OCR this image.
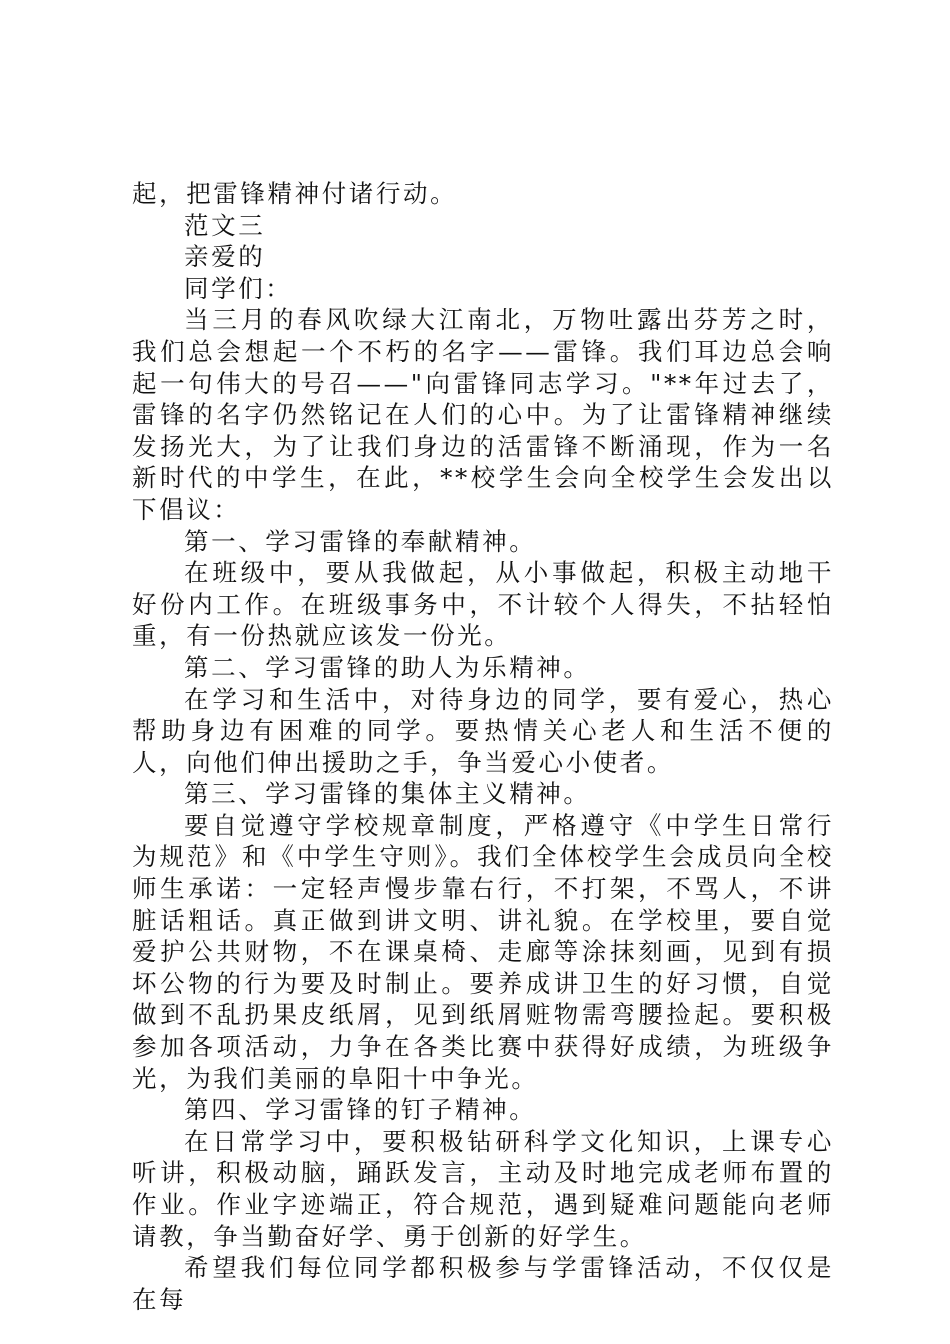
起，把雷锋精神付诸行动。

范文三

亲爱的

同学们：

当三月的春风吹绿大江南北，万物吐露出芬芳之时，我们总会想起一个不朽的名字——雷锋。我们耳边总会响起一句伟大的号召——"向雷锋同志学习。"**年过去了，雷锋的名字仍然铭记在人们的心中。为了让雷锋精神继续发扬光大，为了让我们身边的活雷锋不断涌现，作为一名新时代的中学生，在此，**校学生会向全校学生会发出以下倡议：

第一、学习雷锋的奉献精神。

在班级中，要从我做起，从小事做起，积极主动地干好份内工作。在班级事务中，不计较个人得失，不拈轻怕重，有一份热就应该发一份光。

第二、学习雷锋的助人为乐精神。

在学习和生活中，对待身边的同学，要有爱心，热心帮助身边有困难的同学。要热情关心老人和生活不便的人，向他们伸出援助之手，争当爱心小使者。

第三、学习雷锋的集体主义精神。

要自觉遵守学校规章制度，严格遵守《中学生日常行为规范》和《中学生守则》。我们全体校学生会成员向全校师生承诺：一定轻声慢步靠右行，不打架，不骂人，不讲脏话粗话。真正做到讲文明、讲礼貌。在学校里，要自觉爱护公共财物，不在课桌椅、走廊等涂抹刻画，见到有损坏公物的行为要及时制止。要养成讲卫生的好习惯，自觉做到不乱扔果皮纸屑，见到纸屑赃物需弯腰捡起。要积极参加各项活动，力争在各类比赛中获得好成绩，为班级争光，为我们美丽的阜阳十中争光。

第四、学习雷锋的钉子精神。

在日常学习中，要积极钻研科学文化知识，上课专心听讲，积极动脑，踊跃发言，主动及时地完成老师布置的作业。作业字迹端正，符合规范，遇到疑难问题能向老师请教，争当勤奋好学、勇于创新的好学生。

希望我们每位同学都积极参与学雷锋活动，不仅仅是在每
